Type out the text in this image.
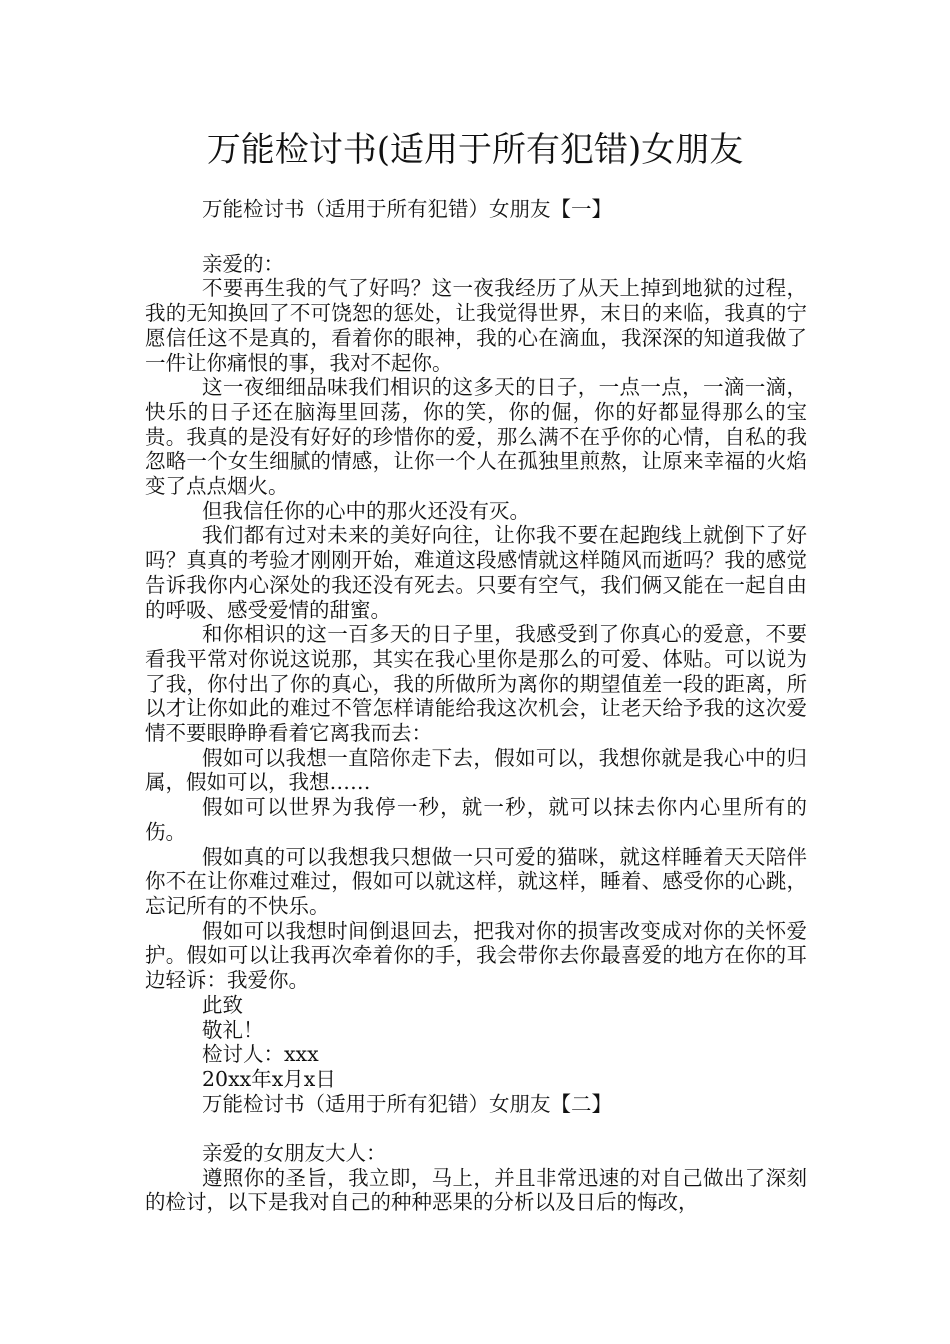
万能检讨书(适用于所有犯错)女朋友

万能检讨书（适用于所有犯错）女朋友【一】

亲爱的：

不要再生我的气了好吗？这一夜我经历了从天上掉到地狱的过程，我的无知换回了不可饶恕的惩处，让我觉得世界，末日的来临，我真的宁愿信任这不是真的，看着你的眼神，我的心在滴血，我深深的知道我做了一件让你痛恨的事，我对不起你。

这一夜细细品味我们相识的这多天的日子，一点一点，一滴一滴，快乐的日子还在脑海里回荡，你的笑，你的倔，你的好都显得那么的宝贵。我真的是没有好好的珍惜你的爱，那么满不在乎你的心情，自私的我忽略一个女生细腻的情感，让你一个人在孤独里煎熬，让原来幸福的火焰变了点点烟火。

但我信任你的心中的那火还没有灭。

我们都有过对未来的美好向往，让你我不要在起跑线上就倒下了好吗？真真的考验才刚刚开始，难道这段感情就这样随风而逝吗？我的感觉告诉我你内心深处的我还没有死去。只要有空气，我们俩又能在一起自由的呼吸、感受爱情的甜蜜。

和你相识的这一百多天的日子里，我感受到了你真心的爱意，不要看我平常对你说这说那，其实在我心里你是那么的可爱、体贴。可以说为了我，你付出了你的真心，我的所做所为离你的期望值差一段的距离，所以才让你如此的难过不管怎样请能给我这次机会，让老天给予我的这次爱情不要眼睁睁看着它离我而去：

假如可以我想一直陪你走下去，假如可以，我想你就是我心中的归属，假如可以，我想……

假如可以世界为我停一秒，就一秒，就可以抹去你内心里所有的伤。

假如真的可以我想我只想做一只可爱的猫咪，就这样睡着天天陪伴你不在让你难过难过，假如可以就这样，就这样，睡着、感受你的心跳，忘记所有的不快乐。

假如可以我想时间倒退回去，把我对你的损害改变成对你的关怀爱护。假如可以让我再次牵着你的手，我会带你去你最喜爱的地方在你的耳边轻诉：我爱你。

此致

敬礼！

检讨人：xxx

20xx年x月x日

万能检讨书（适用于所有犯错）女朋友【二】

亲爱的女朋友大人：

遵照你的圣旨，我立即，马上，并且非常迅速的对自己做出了深刻的检讨，以下是我对自己的种种恶果的分析以及日后的悔改，
